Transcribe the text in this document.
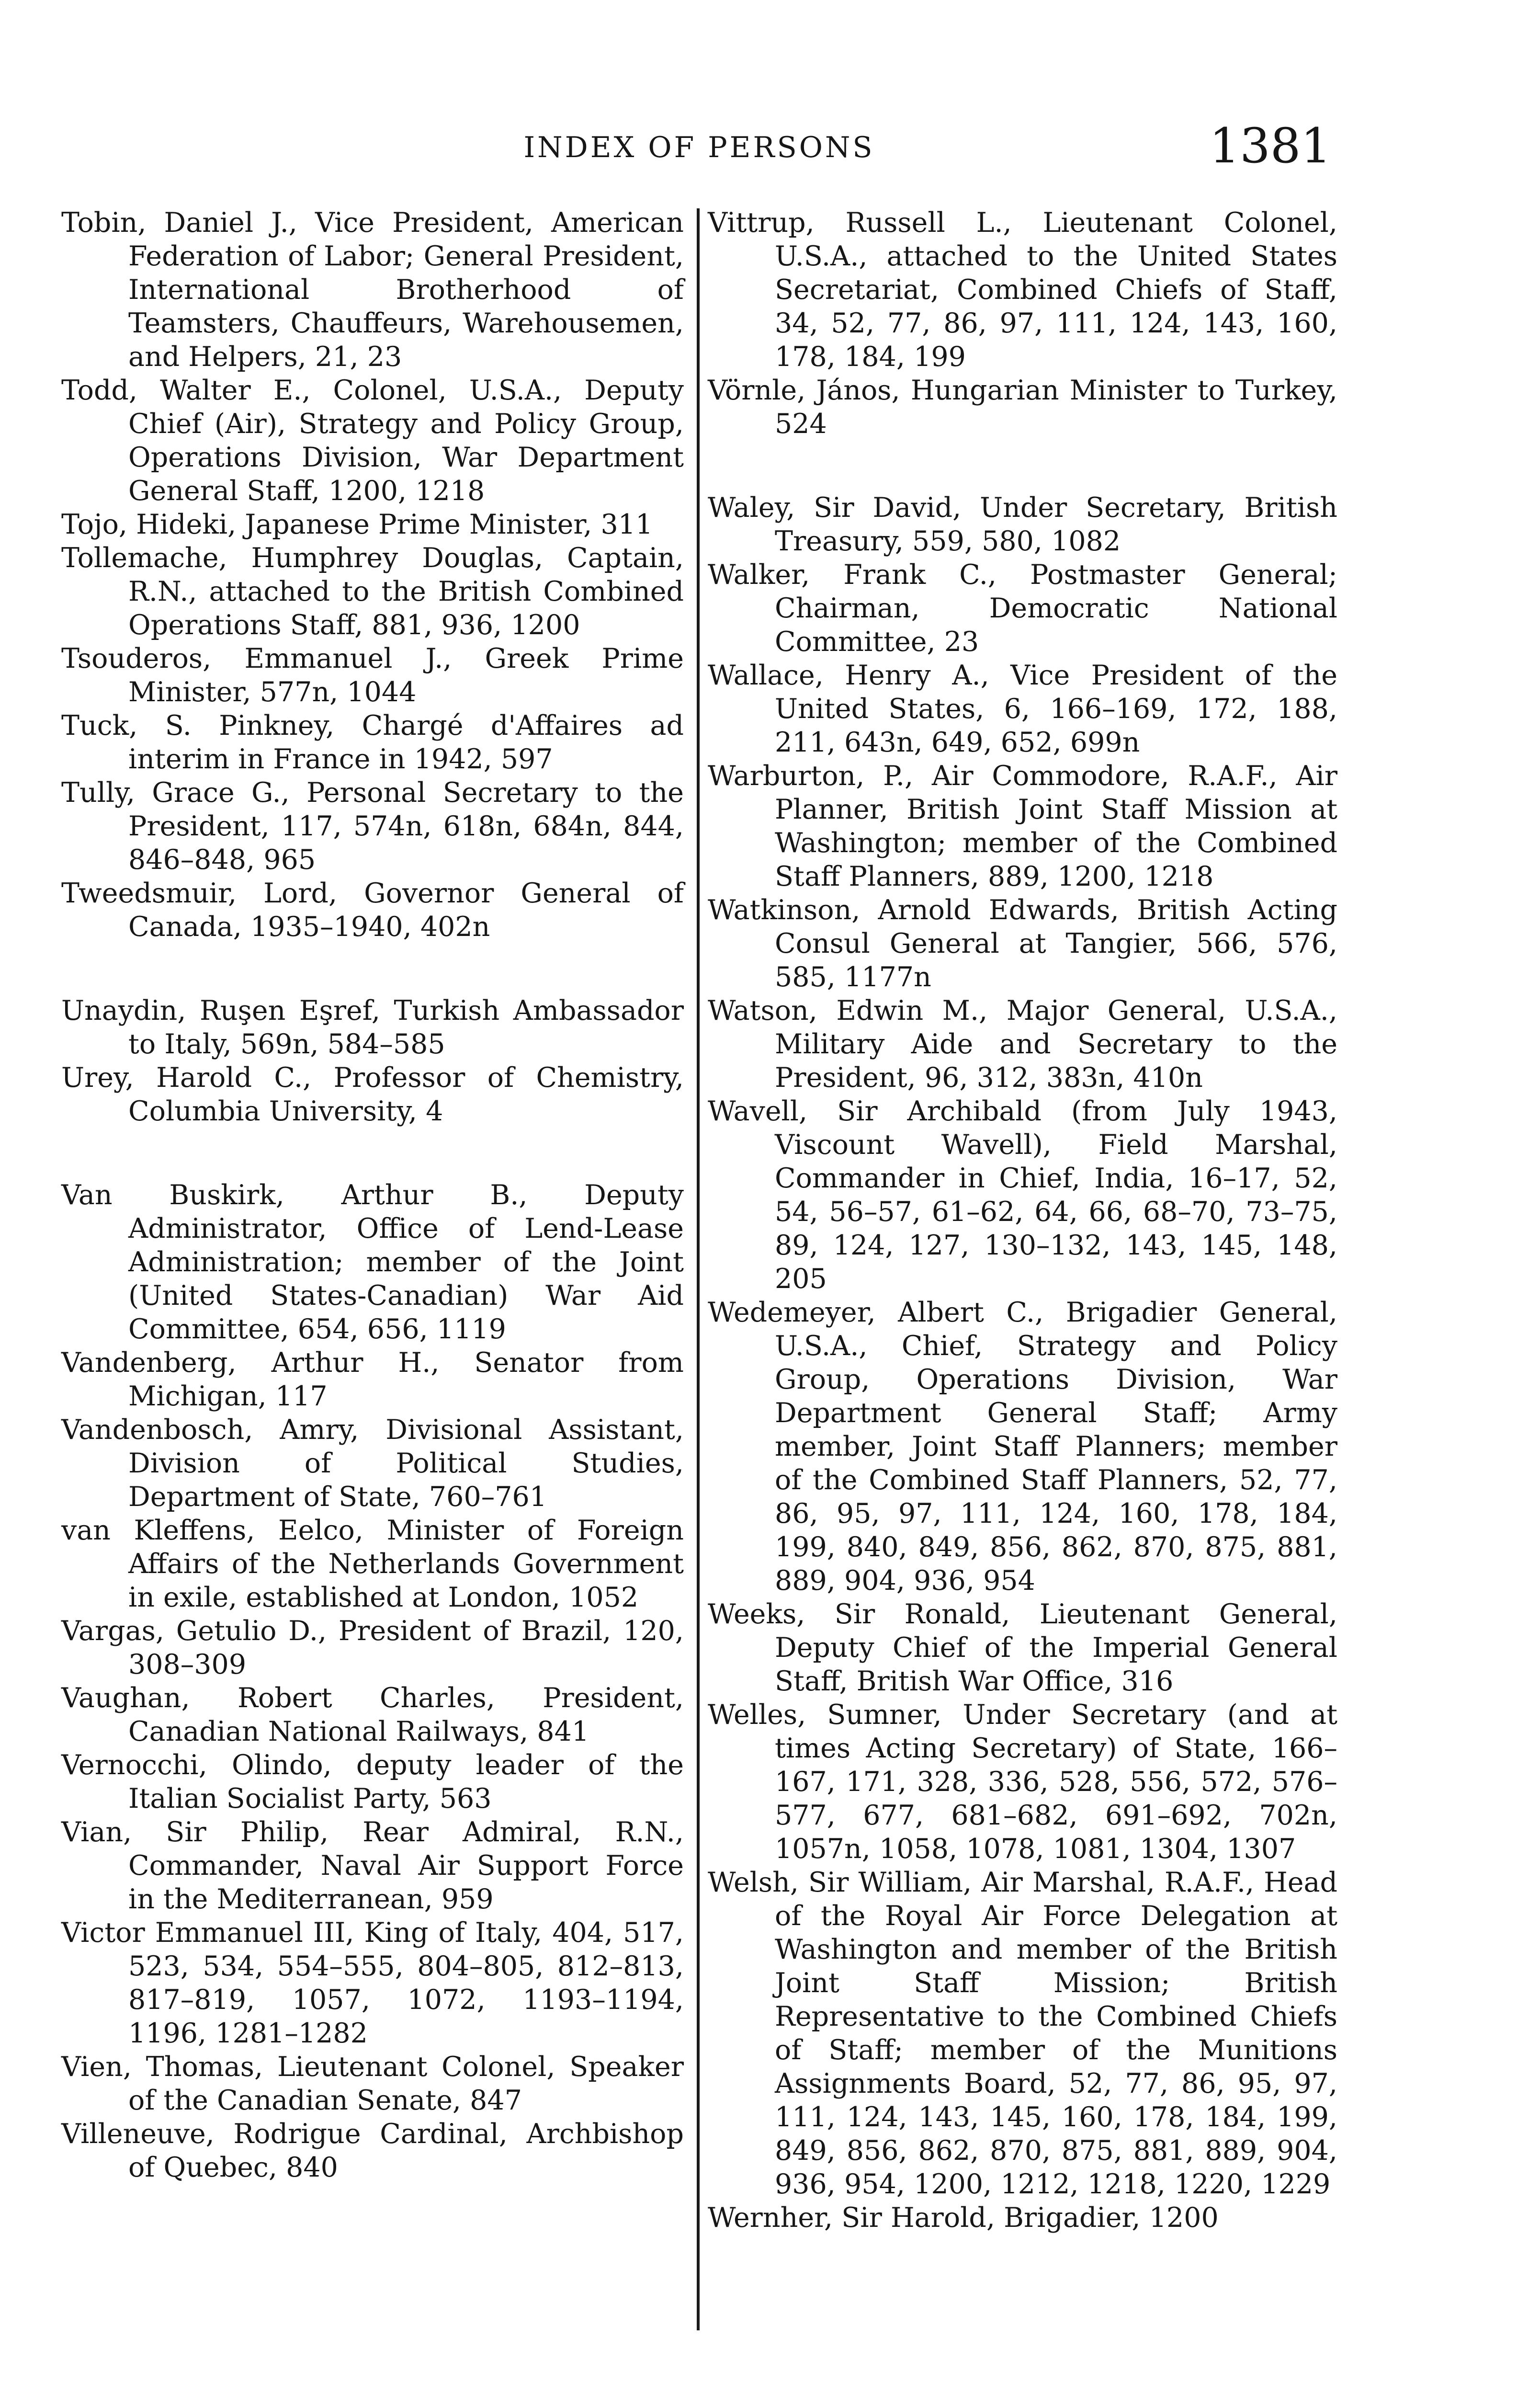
INDEX OF PERSONS	1381

Tobin, Daniel J., Vice President, American Federation of Labor; General President, International Brotherhood of Teamsters, Chauffeurs, Warehousemen, and Helpers, 21, 23

Todd, Walter E., Colonel, U.S.A., Deputy Chief (Air), Strategy and Policy Group, Operations Division, War Department General Staff, 1200, 1218

Tojo, Hideki, Japanese Prime Minister, 311

Tollemache, Humphrey Douglas, Captain, R.N., attached to the British Combined Operations Staff, 881, 936, 1200

Tsouderos, Emmanuel J., Greek Prime Minister, 577n, 1044

Tuck, S. Pinkney, Chargé d'Affaires ad interim in France in 1942, 597

Tully, Grace G., Personal Secretary to the President, 117, 574n, 618n, 684n, 844, 846–848, 965

Tweedsmuir, Lord, Governor General of Canada, 1935–1940, 402n

Unaydin, Ruşen Eşref, Turkish Ambassador to Italy, 569n, 584–585

Urey, Harold C., Professor of Chemistry, Columbia University, 4

Van Buskirk, Arthur B., Deputy Administrator, Office of Lend-Lease Administration; member of the Joint (United States-Canadian) War Aid Committee, 654, 656, 1119

Vandenberg, Arthur H., Senator from Michigan, 117

Vandenbosch, Amry, Divisional Assistant, Division of Political Studies, Department of State, 760–761

van Kleffens, Eelco, Minister of Foreign Affairs of the Netherlands Government in exile, established at London, 1052

Vargas, Getulio D., President of Brazil, 120, 308–309

Vaughan, Robert Charles, President, Canadian National Railways, 841

Vernocchi, Olindo, deputy leader of the Italian Socialist Party, 563

Vian, Sir Philip, Rear Admiral, R.N., Commander, Naval Air Support Force in the Mediterranean, 959

Victor Emmanuel III, King of Italy, 404, 517, 523, 534, 554–555, 804–805, 812–813, 817–819, 1057, 1072, 1193–1194, 1196, 1281–1282

Vien, Thomas, Lieutenant Colonel, Speaker of the Canadian Senate, 847

Villeneuve, Rodrigue Cardinal, Archbishop of Quebec, 840

Vittrup, Russell L., Lieutenant Colonel, U.S.A., attached to the United States Secretariat, Combined Chiefs of Staff, 34, 52, 77, 86, 97, 111, 124, 143, 160, 178, 184, 199

Vörnle, János, Hungarian Minister to Turkey, 524

Waley, Sir David, Under Secretary, British Treasury, 559, 580, 1082

Walker, Frank C., Postmaster General; Chairman, Democratic National Committee, 23

Wallace, Henry A., Vice President of the United States, 6, 166–169, 172, 188, 211, 643n, 649, 652, 699n

Warburton, P., Air Commodore, R.A.F., Air Planner, British Joint Staff Mission at Washington; member of the Combined Staff Planners, 889, 1200, 1218

Watkinson, Arnold Edwards, British Acting Consul General at Tangier, 566, 576, 585, 1177n

Watson, Edwin M., Major General, U.S.A., Military Aide and Secretary to the President, 96, 312, 383n, 410n

Wavell, Sir Archibald (from July 1943, Viscount Wavell), Field Marshal, Commander in Chief, India, 16–17, 52, 54, 56–57, 61–62, 64, 66, 68–70, 73–75, 89, 124, 127, 130–132, 143, 145, 148, 205

Wedemeyer, Albert C., Brigadier General, U.S.A., Chief, Strategy and Policy Group, Operations Division, War Department General Staff; Army member, Joint Staff Planners; member of the Combined Staff Planners, 52, 77, 86, 95, 97, 111, 124, 160, 178, 184, 199, 840, 849, 856, 862, 870, 875, 881, 889, 904, 936, 954

Weeks, Sir Ronald, Lieutenant General, Deputy Chief of the Imperial General Staff, British War Office, 316

Welles, Sumner, Under Secretary (and at times Acting Secretary) of State, 166–167, 171, 328, 336, 528, 556, 572, 576–577, 677, 681–682, 691–692, 702n, 1057n, 1058, 1078, 1081, 1304, 1307

Welsh, Sir William, Air Marshal, R.A.F., Head of the Royal Air Force Delegation at Washington and member of the British Joint Staff Mission; British Representative to the Combined Chiefs of Staff; member of the Munitions Assignments Board, 52, 77, 86, 95, 97, 111, 124, 143, 145, 160, 178, 184, 199, 849, 856, 862, 870, 875, 881, 889, 904, 936, 954, 1200, 1212, 1218, 1220, 1229

Wernher, Sir Harold, Brigadier, 1200
